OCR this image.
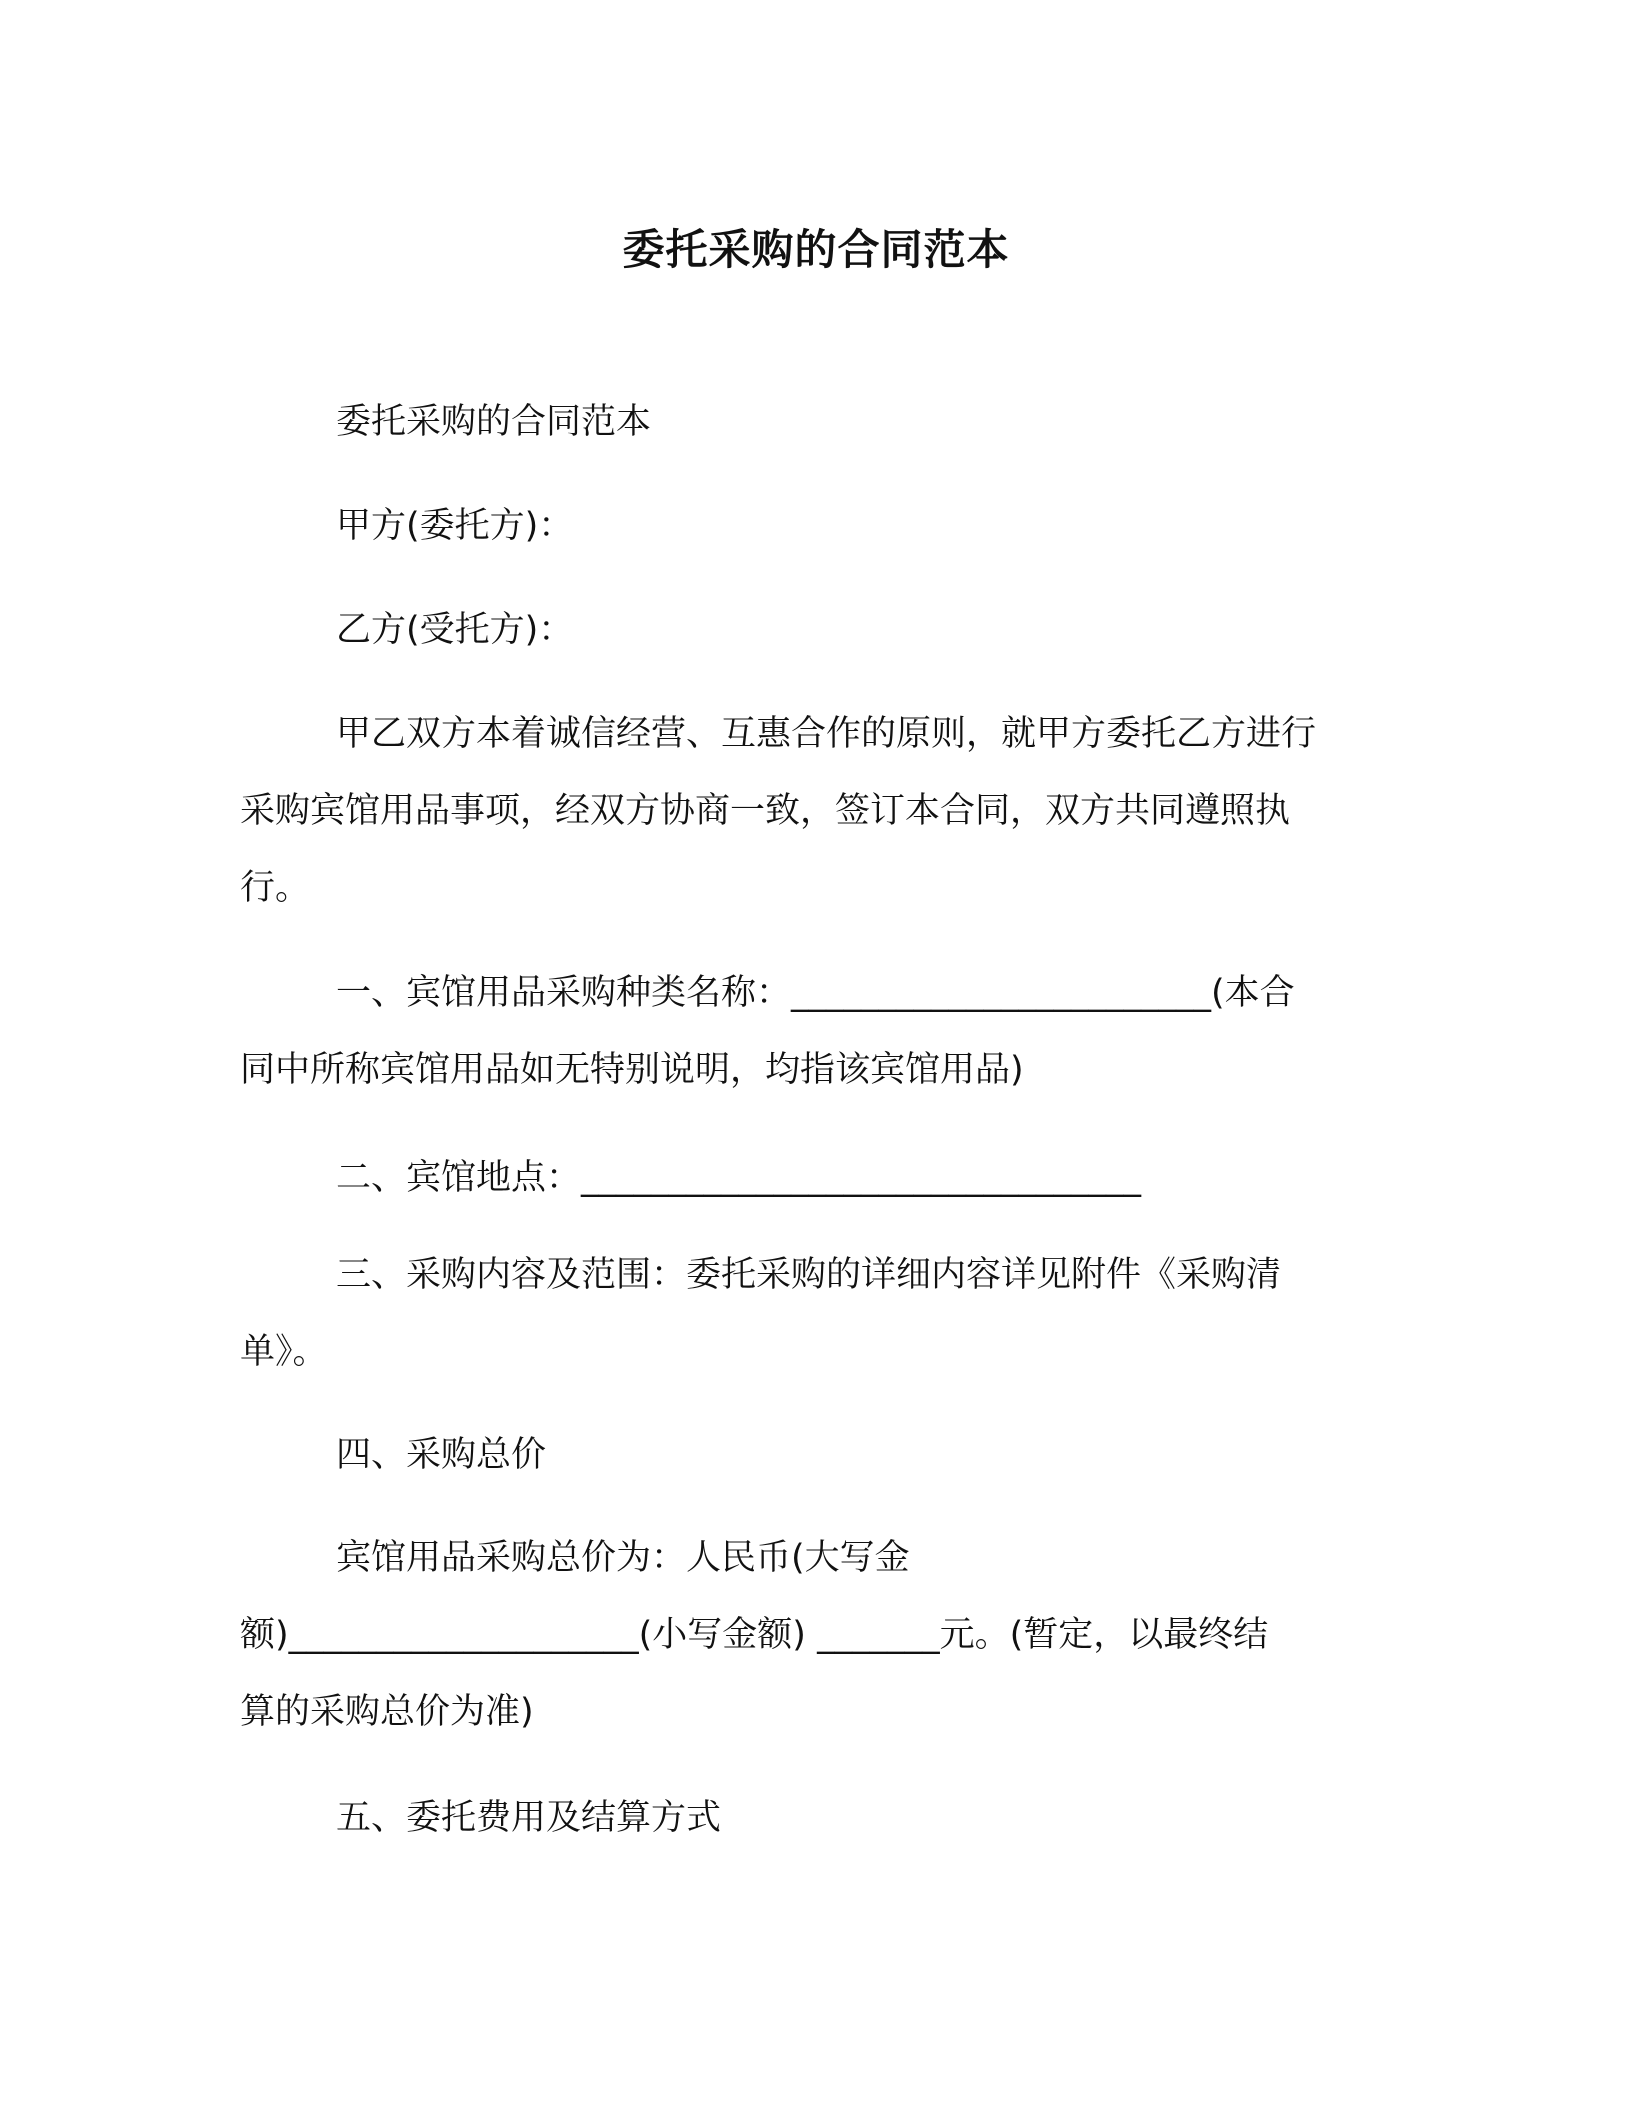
委托采购的合同范本
委托采购的合同范本
甲方(委托方)：
乙方(受托方)：
甲乙双方本着诚信经营、互惠合作的原则，就甲方委托乙方进行
采购宾馆用品事项，经双方协商一致，签订本合同，双方共同遵照执
行。
一、宾馆用品采购种类名称：________________________(本合
同中所称宾馆用品如无特别说明，均指该宾馆用品)
二、宾馆地点：________________________________
三、采购内容及范围：委托采购的详细内容详见附件《采购清
单》。
四、采购总价
宾馆用品采购总价为：人民币(大写金
额)____________________(小写金额) _______元。(暂定，以最终结
算的采购总价为准)
五、委托费用及结算方式
